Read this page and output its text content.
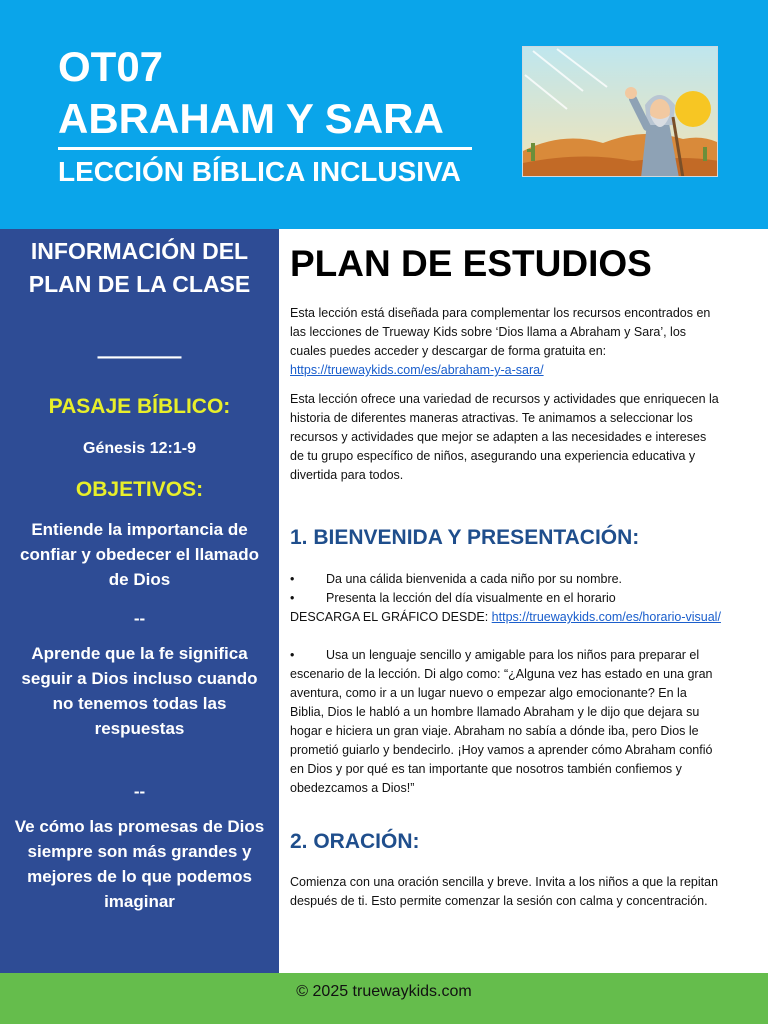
OT07
ABRAHAM Y SARA
LECCIÓN BÍBLICA INCLUSIVA
INFORMACIÓN DEL PLAN DE LA CLASE
————
PASAJE BÍBLICO:
Génesis 12:1-9
OBJETIVOS:
Entiende la importancia de confiar y obedecer el llamado de Dios
--
Aprende que la fe significa seguir a Dios incluso cuando no tenemos todas las respuestas
--
Ve cómo las promesas de Dios siempre son más grandes y mejores de lo que podemos imaginar
PLAN DE ESTUDIOS
Esta lección está diseñada para complementar los recursos encontrados en las lecciones de Trueway Kids sobre ‘Dios llama a Abraham y Sara’, los cuales puedes acceder y descargar de forma gratuita en: https://truewaykids.com/es/abraham-y-a-sara/
Esta lección ofrece una variedad de recursos y actividades que enriquecen la historia de diferentes maneras atractivas. Te animamos a seleccionar los recursos y actividades que mejor se adapten a las necesidades e intereses de tu grupo específico de niños, asegurando una experiencia educativa y divertida para todos.
1. BIENVENIDA Y PRESENTACIÓN:
•	Da una cálida bienvenida a cada niño por su nombre.
•	Presenta la lección del día visualmente en el horario
DESCARGA EL GRÁFICO DESDE: https://truewaykids.com/es/horario-visual/
•	Usa un lenguaje sencillo y amigable para los niños para preparar el escenario de la lección. Di algo como: “¿Alguna vez has estado en una gran aventura, como ir a un lugar nuevo o empezar algo emocionante? En la Biblia, Dios le habló a un hombre llamado Abraham y le dijo que dejara su hogar e hiciera un gran viaje. Abraham no sabía a dónde iba, pero Dios le prometió guiarlo y bendecirlo. ¡Hoy vamos a aprender cómo Abraham confió en Dios y por qué es tan importante que nosotros también confiemos y obedezcamos a Dios!”
2. ORACIÓN:
Comienza con una oración sencilla y breve. Invita a los niños a que la repitan después de ti. Esto permite comenzar la sesión con calma y concentración.
© 2025 truewaykids.com
